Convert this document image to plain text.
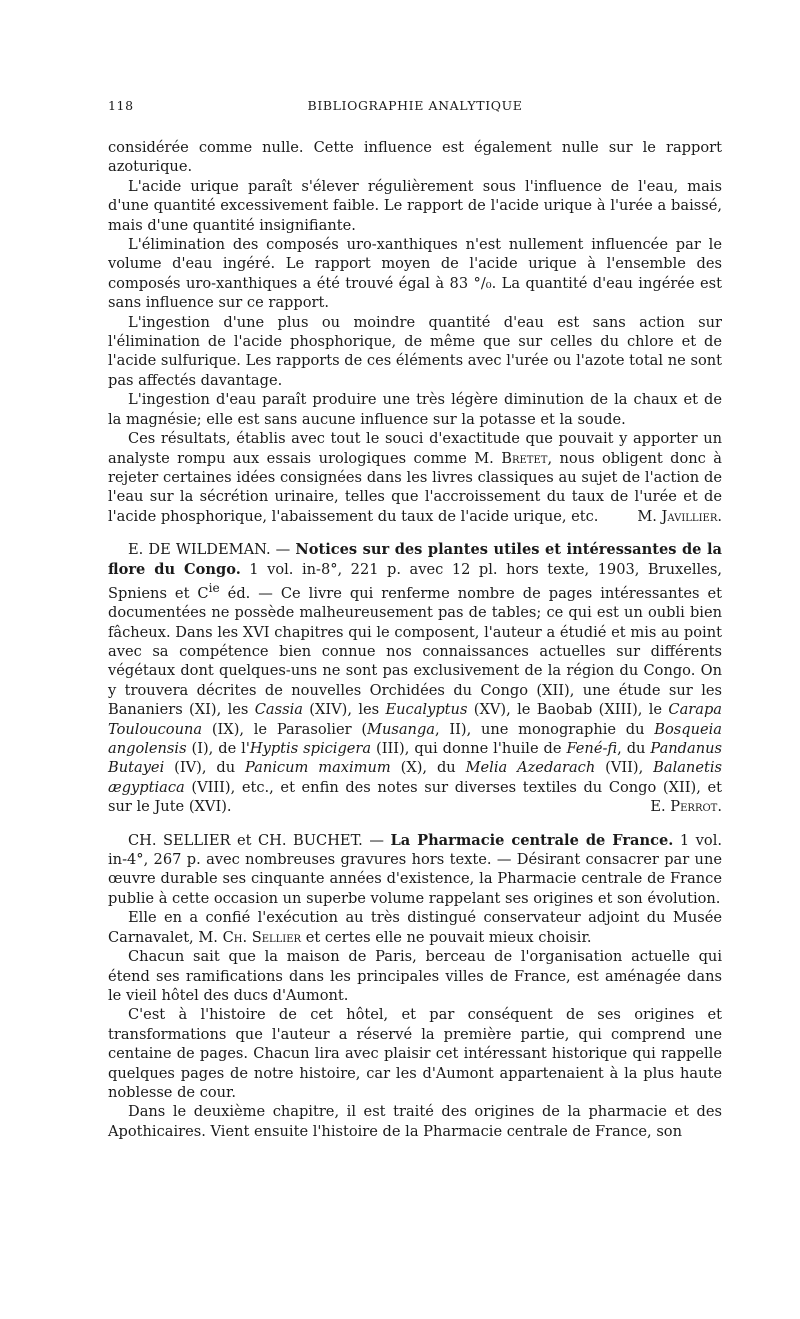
118	BIBLIOGRAPHIE ANALYTIQUE

considérée comme nulle. Cette influence est également nulle sur le rapport azoturique.

L'acide urique paraît s'élever régulièrement sous l'influence de l'eau, mais d'une quantité excessivement faible. Le rapport de l'acide urique à l'urée a baissé, mais d'une quantité insignifiante.

L'élimination des composés uro-xanthiques n'est nullement influencée par le volume d'eau ingéré. Le rapport moyen de l'acide urique à l'ensemble des composés uro-xanthiques a été trouvé égal à 83 °/₀. La quantité d'eau ingérée est sans influence sur ce rapport.

L'ingestion d'une plus ou moindre quantité d'eau est sans action sur l'élimination de l'acide phosphorique, de même que sur celles du chlore et de l'acide sulfurique. Les rapports de ces éléments avec l'urée ou l'azote total ne sont pas affectés davantage.

L'ingestion d'eau paraît produire une très légère diminution de la chaux et de la magnésie; elle est sans aucune influence sur la potasse et la soude.

Ces résultats, établis avec tout le souci d'exactitude que pouvait y apporter un analyste rompu aux essais urologiques comme M. Bretet, nous obligent donc à rejeter certaines idées consignées dans les livres classiques au sujet de l'action de l'eau sur la sécrétion urinaire, telles que l'accroissement du taux de l'urée et de l'acide phosphorique, l'abaissement du taux de l'acide urique, etc.	M. Javillier.

E. DE WILDEMAN. — Notices sur des plantes utiles et intéressantes de la flore du Congo. 1 vol. in-8°, 221 p. avec 12 pl. hors texte, 1903, Bruxelles, Spniens et $C^{ie}$ éd. — Ce livre qui renferme nombre de pages intéressantes et documentées ne possède malheureusement pas de tables; ce qui est un oubli bien fâcheux. Dans les XVI chapitres qui le composent, l'auteur a étudié et mis au point avec sa compétence bien connue nos connaissances actuelles sur différents végétaux dont quelques-uns ne sont pas exclusivement de la région du Congo. On y trouvera décrites de nouvelles Orchidées du Congo (XII), une étude sur les Bananiers (XI), les Cassia (XIV), les Eucalyptus (XV), le Baobab (XIII), le Carapa Touloucouna (IX), le Parasolier (Musanga, II), une monographie du Bosqueia angolensis (I), de l'Hyptis spicigera (III), qui donne l'huile de Fené-fi, du Pandanus Butayei (IV), du Panicum maximum (X), du Melia Azedarach (VII), Balanetis ægyptiaca (VIII), etc., et enfin des notes sur diverses textiles du Congo (XII), et sur le Jute (XVI).	E. Perrot.

CH. SELLIER et CH. BUCHET. — La Pharmacie centrale de France. 1 vol. in-4°, 267 p. avec nombreuses gravures hors texte. — Désirant consacrer par une œuvre durable ses cinquante années d'existence, la Pharmacie centrale de France publie à cette occasion un superbe volume rappelant ses origines et son évolution.

Elle en a confié l'exécution au très distingué conservateur adjoint du Musée Carnavalet, M. Ch. Sellier et certes elle ne pouvait mieux choisir.

Chacun sait que la maison de Paris, berceau de l'organisation actuelle qui étend ses ramifications dans les principales villes de France, est aménagée dans le vieil hôtel des ducs d'Aumont.

C'est à l'histoire de cet hôtel, et par conséquent de ses origines et transformations que l'auteur a réservé la première partie, qui comprend une centaine de pages. Chacun lira avec plaisir cet intéressant historique qui rappelle quelques pages de notre histoire, car les d'Aumont appartenaient à la plus haute noblesse de cour.

Dans le deuxième chapitre, il est traité des origines de la pharmacie et des Apothicaires. Vient ensuite l'histoire de la Pharmacie centrale de France, son
